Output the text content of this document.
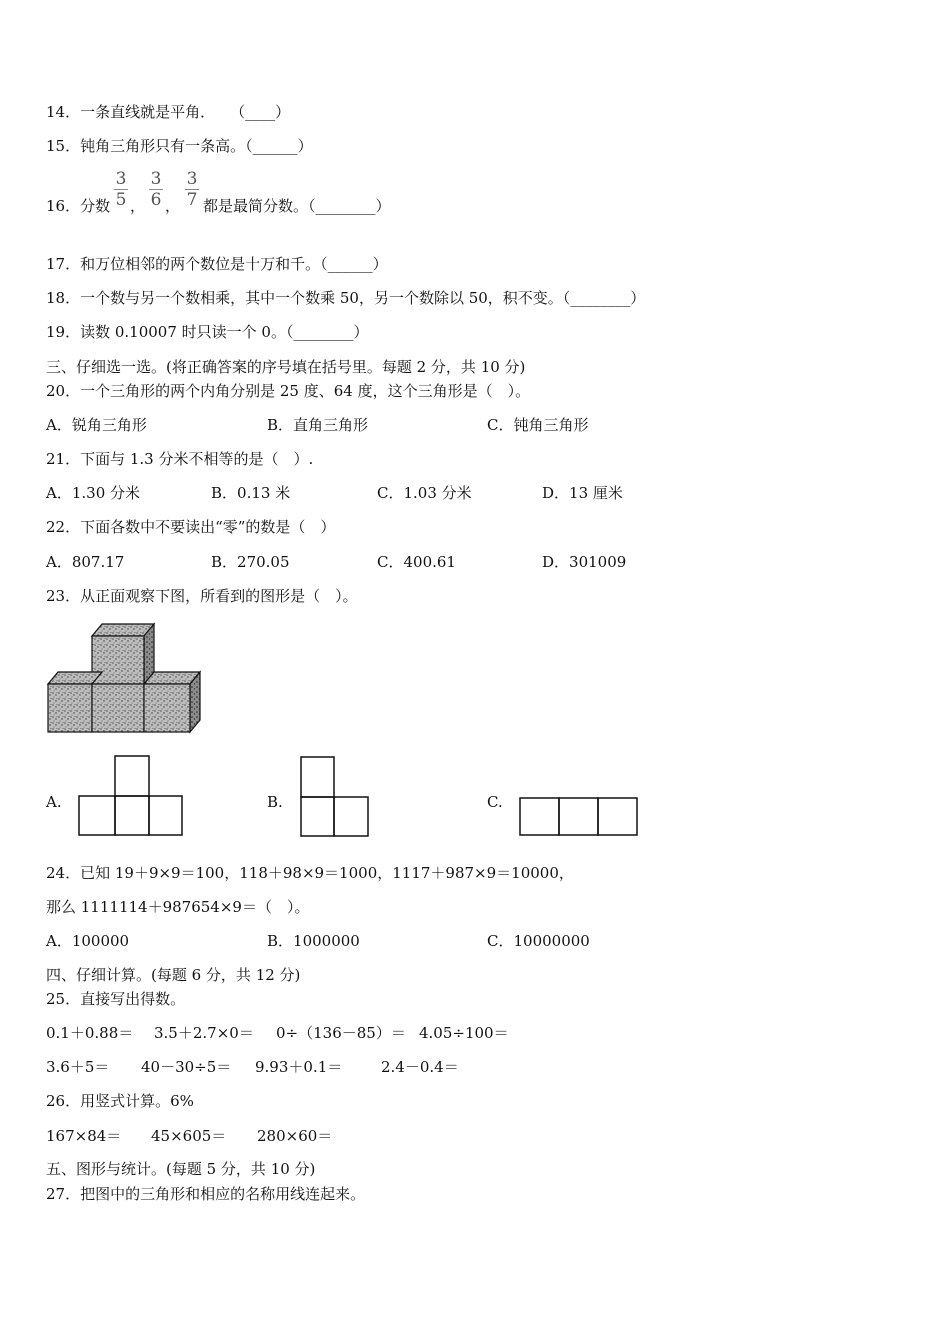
14．一条直线就是平角．　　（____）
15．钝角三角形只有一条高。（______）
16．分数
3
5 ，
3
6 ，
3
7 都是最简分数。（________）
17．和万位相邻的两个数位是十万和千。（______）
18．一个数与另一个数相乘，其中一个数乘 50，另一个数除以 50，积不变。（________）
19．读数 0.10007 时只读一个 0。（________）
三、仔细选一选。(将正确答案的序号填在括号里。每题 2 分，共 10 分)
20．一个三角形的两个内角分别是 25 度、64 度，这个三角形是（　）。
A．锐角三角形	B．直角三角形	C．钝角三角形
21．下面与 1.3 分米不相等的是（　）.
A．1.30 分米	B．0.13 米	C．1.03 分米	D．13 厘米
22．下面各数中不要读出“零”的数是（　）
A．807.17	B．270.05	C．400.61	D．301009
23．从正面观察下图，所看到的图形是（　）。
A.	B.	C.
24．已知 19＋9×9＝100，118＋98×9＝1000，1117＋987×9＝10000，
那么 1111114＋987654×9＝（　）。
A．100000	B．1000000	C．10000000
四、仔细计算。(每题 6 分，共 12 分)
25．直接写出得数。
0.1＋0.88＝ 3.5＋2.7×0＝ 0÷（136－85）＝ 4.05÷100＝
3.6＋5＝ 40－30÷5＝ 9.93＋0.1＝	2.4－0.4＝
26．用竖式计算。6%
167×84＝ 45×605＝ 280×60＝
五、图形与统计。(每题 5 分，共 10 分)
27．把图中的三角形和相应的名称用线连起来。
